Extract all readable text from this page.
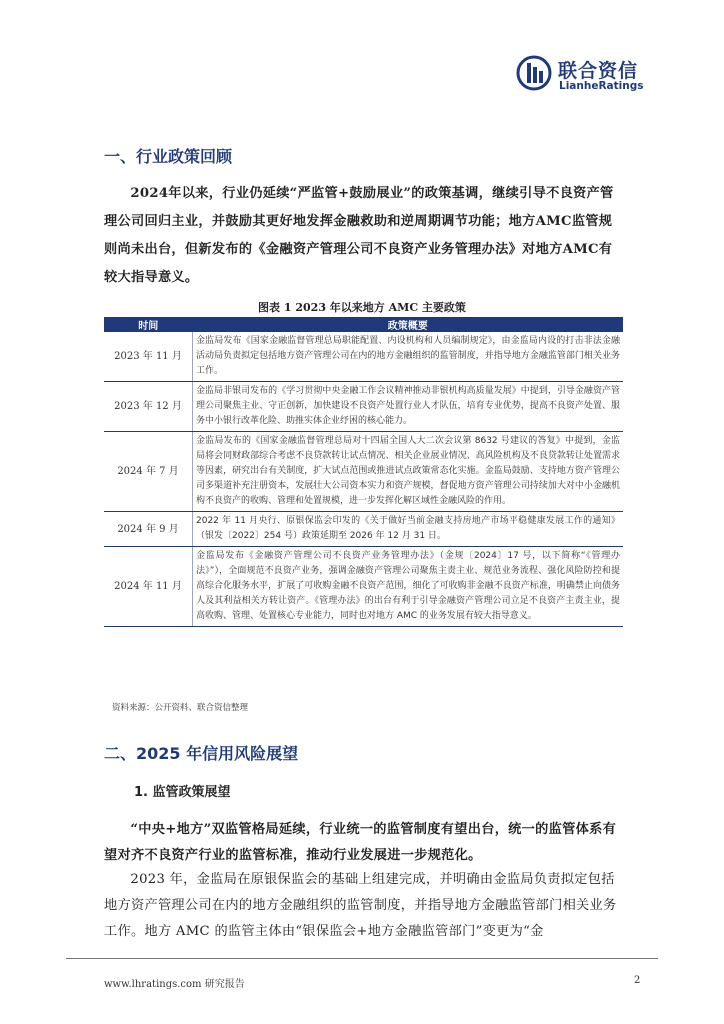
联合资信
LianheRatings
一、行业政策回顾

2024年以来，行业仍延续“严监管+鼓励展业”的政策基调，继续引导不良资产管理公司回归主业，并鼓励其更好地发挥金融救助和逆周期调节功能；地方AMC监管规则尚未出台，但新发布的《金融资产管理公司不良资产业务管理办法》对地方AMC有较大指导意义。

图表 1 2023 年以来地方 AMC 主要政策
时间	政策概要
2023 年 11 月	金监局发布《国家金融监督管理总局职能配置、内设机构和人员编制规定》，由金监局内设的打击非法金融活动局负责拟定包括地方资产管理公司在内的地方金融组织的监管制度，并指导地方金融监管部门相关业务工作。
2023 年 12 月	金监局非银司发布的《学习贯彻中央金融工作会议精神推动非银机构高质量发展》中提到，引导金融资产管理公司聚焦主业、守正创新，加快建设不良资产处置行业人才队伍，培育专业优势，提高不良资产处置、服务中小银行改革化险、助推实体企业纾困的核心能力。
2024 年 7 月	金监局发布的《国家金融监督管理总局对十四届全国人大二次会议第 8632 号建议的答复》中提到，金监局将会同财政部综合考虑不良贷款转让试点情况、相关企业展业情况、高风险机构及不良贷款转让处置需求等因素，研究出台有关制度，扩大试点范围或推进试点政策常态化实施。金监局鼓励、支持地方资产管理公司多渠道补充注册资本，发展壮大公司资本实力和资产规模，督促地方资产管理公司持续加大对中小金融机构不良资产的收购、管理和处置规模，进一步发挥化解区域性金融风险的作用。
2024 年 9 月	2022 年 11 月央行、原银保监会印发的《关于做好当前金融支持房地产市场平稳健康发展工作的通知》（银发〔2022〕254 号）政策延期至 2026 年 12 月 31 日。
2024 年 11 月	金监局发布《金融资产管理公司不良资产业务管理办法》（金规〔2024〕17 号，以下简称“《管理办法》”），全面规范不良资产业务，强调金融资产管理公司聚焦主责主业、规范业务流程、强化风险防控和提高综合化服务水平，扩展了可收购金融不良资产范围，细化了可收购非金融不良资产标准，明确禁止向债务人及其利益相关方转让资产。《管理办法》的出台有利于引导金融资产管理公司立足不良资产主责主业，提高收购、管理、处置核心专业能力，同时也对地方 AMC 的业务发展有较大指导意义。
资料来源：公开资料、联合资信整理
二、2025 年信用风险展望
1. 监管政策展望

“中央+地方”双监管格局延续，行业统一的监管制度有望出台，统一的监管体系有望对齐不良资产行业的监管标准，推动行业发展进一步规范化。

2023 年，金监局在原银保监会的基础上组建完成，并明确由金监局负责拟定包括地方资产管理公司在内的地方金融组织的监管制度，并指导地方金融监管部门相关业务工作。地方 AMC 的监管主体由“银保监会+地方金融监管部门”变更为“金

www.lhratings.com 研究报告	2
